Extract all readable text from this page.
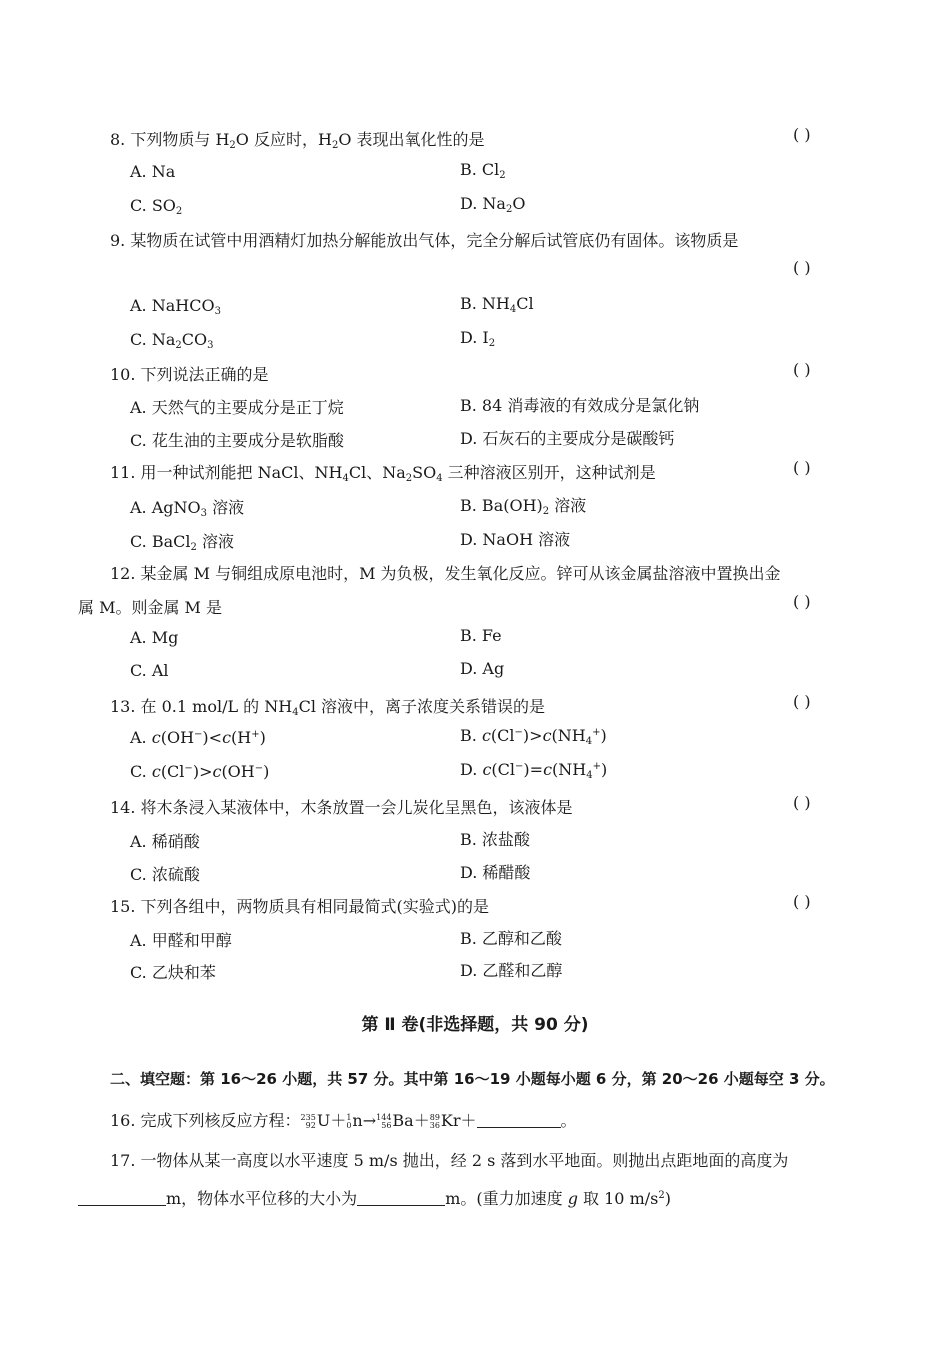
8. 下列物质与 $H_2O$ 反应时，$H_2O$ 表现出氧化性的是	( )
A. Na	B. $Cl_2$
C. $SO_2$	D. $Na_2O$
9. 某物质在试管中用酒精灯加热分解能放出气体，完全分解后试管底仍有固体。该物质是
( )
A. NaHCO$_3$	B. $NH_4Cl$
C. $Na_2CO_3$	D. $I_2$
10. 下列说法正确的是	( )
A. 天然气的主要成分是正丁烷	B. 84 消毒液的有效成分是氯化钠
C. 花生油的主要成分是软脂酸	D. 石灰石的主要成分是碳酸钙
11. 用一种试剂能把 NaCl、$NH_4Cl$、$Na_2SO_4$ 三种溶液区别开，这种试剂是	( )
A. AgNO$_3$ 溶液	B. $Ba(OH)_2$ 溶液
C. BaCl$_2$ 溶液	D. NaOH 溶液
12. 某金属 M 与铜组成原电池时，M 为负极，发生氧化反应。锌可从该金属盐溶液中置换出金
属 M。则金属 M 是	( )
A. Mg	B. Fe
C. Al	D. Ag
13. 在 0.1 mol/L 的 $NH_4Cl$ 溶液中，离子浓度关系错误的是	( )
A. c(OH−)<c(H+)	B. $c(Cl^-)>c(NH_4^+)$
C. c(Cl−)>c(OH−)	D. $c(Cl^-)=c(NH_4^+)$
14. 将木条浸入某液体中，木条放置一会儿炭化呈黑色，该液体是	( )
A. 稀硝酸	B. 浓盐酸
C. 浓硫酸	D. 稀醋酸
15. 下列各组中，两物质具有相同最简式(实验式)的是	( )
A. 甲醛和甲醇	B. 乙醇和乙酸
C. 乙炔和苯	D. 乙醛和乙醇
第 Ⅱ 卷(非选择题，共 90 分)
二、填空题：第 16～26 小题，共 57 分。其中第 16～19 小题每小题 6 分，第 20～26 小题每空 3 分。
16. 完成下列核反应方程： 235
92 U＋ 1
0 n→ 144
56 Ba＋ 89
36 Kr＋	。
17. 一物体从某一高度以水平速度 5 m/s 抛出，经 2 s 落到水平地面。则抛出点距地面的高度为
m，物体水平位移的大小为	m。(重力加速度 g 取 10 $m/s^2$)
